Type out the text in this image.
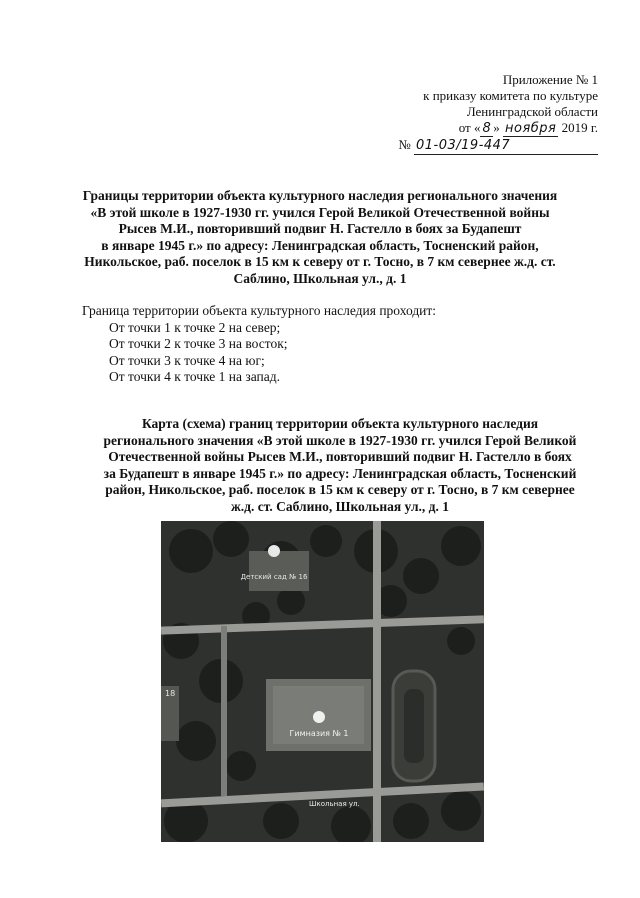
Приложение № 1
к приказу комитета по культуре
Ленинградской области
от « 8 » ноября 2019 г.
№ 01-03/19-447
Границы территории объекта культурного наследия регионального значения
«В этой школе в 1927-1930 гг. учился Герой Великой Отечественной войны
Рысев М.И., повторивший подвиг Н. Гастелло в боях за Будапешт
в январе 1945 г.» по адресу: Ленинградская область, Тосненский район,
Никольское, раб. поселок в 15 км к северу от г. Тосно, в 7 км севернее ж.д. ст.
Саблино, Школьная ул., д. 1
Граница территории объекта культурного наследия проходит:
От точки 1 к точке 2 на север;
От точки 2 к точке 3 на восток;
От точки 3 к точке 4 на юг;
От точки 4 к точке 1 на запад.
Карта (схема) границ территории объекта культурного наследия
регионального значения «В этой школе в 1927-1930 гг. учился Герой Великой
Отечественной войны Рысев М.И., повторивший подвиг Н. Гастелло в боях
за Будапешт в январе 1945 г.» по адресу: Ленинградская область, Тосненский
район, Никольское, раб. поселок в 15 км к северу от г. Тосно, в 7 км севернее
ж.д. ст. Саблино, Школьная ул., д. 1
Детский сад № 16
Гимназия № 1
18
Школьная ул.
